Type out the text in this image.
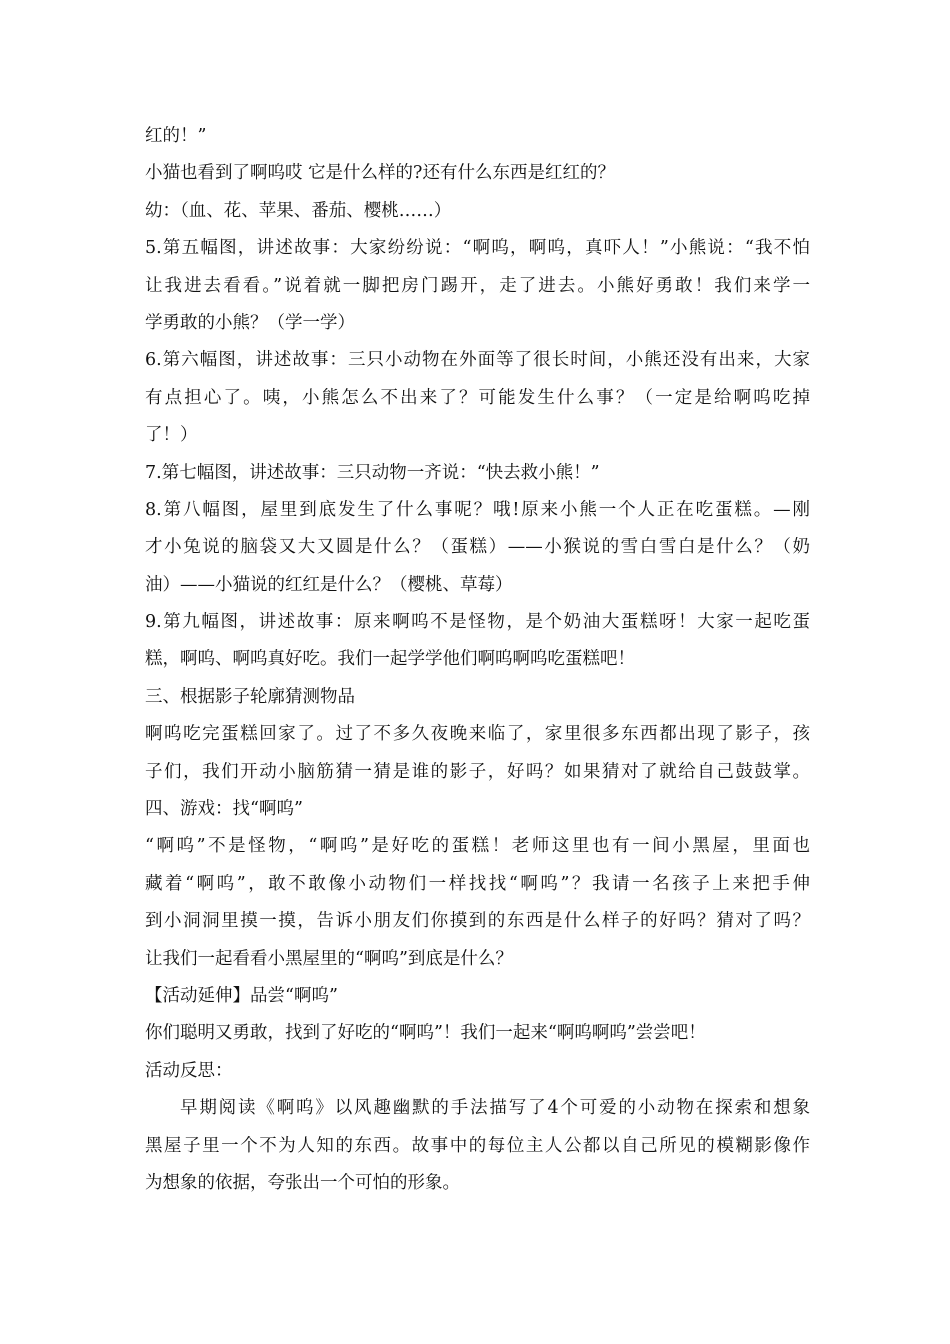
红的！”
小猫也看到了啊呜哎 它是什么样的?还有什么东西是红红的？
幼：（血、花、苹果、番茄、樱桃……）
5.第五幅图，讲述故事：大家纷纷说：“啊呜，啊呜，真吓人！”小熊说：“我不怕
让我进去看看。”说着就一脚把房门踢开，走了进去。小熊好勇敢！我们来学一
学勇敢的小熊？（学一学）
6.第六幅图，讲述故事：三只小动物在外面等了很长时间，小熊还没有出来，大家
有点担心了。咦，小熊怎么不出来了？可能发生什么事？（一定是给啊呜吃掉
了！）
7.第七幅图，讲述故事：三只动物一齐说：“快去救小熊！”
8.第八幅图，屋里到底发生了什么事呢？哦!原来小熊一个人正在吃蛋糕。—刚
才小兔说的脑袋又大又圆是什么？（蛋糕）——小猴说的雪白雪白是什么？（奶
油）——小猫说的红红是什么？（樱桃、草莓）
9.第九幅图，讲述故事：原来啊呜不是怪物，是个奶油大蛋糕呀！大家一起吃蛋
糕，啊呜、啊呜真好吃。我们一起学学他们啊呜啊呜吃蛋糕吧！
三、根据影子轮廓猜测物品
啊呜吃完蛋糕回家了。过了不多久夜晚来临了，家里很多东西都出现了影子，孩
子们，我们开动小脑筋猜一猜是谁的影子，好吗？如果猜对了就给自己鼓鼓掌。
四、游戏：找“啊呜”
“啊呜”不是怪物，“啊呜”是好吃的蛋糕！老师这里也有一间小黑屋，里面也
藏着“啊呜”，敢不敢像小动物们一样找找“啊呜”？我请一名孩子上来把手伸
到小洞洞里摸一摸，告诉小朋友们你摸到的东西是什么样子的好吗？猜对了吗？
让我们一起看看小黑屋里的“啊呜”到底是什么？
【活动延伸】品尝“啊呜”
你们聪明又勇敢，找到了好吃的“啊呜”！我们一起来“啊呜啊呜”尝尝吧！
活动反思：
早期阅读《啊呜》以风趣幽默的手法描写了4个可爱的小动物在探索和想象
黑屋子里一个不为人知的东西。故事中的每位主人公都以自己所见的模糊影像作
为想象的依据，夸张出一个可怕的形象。
